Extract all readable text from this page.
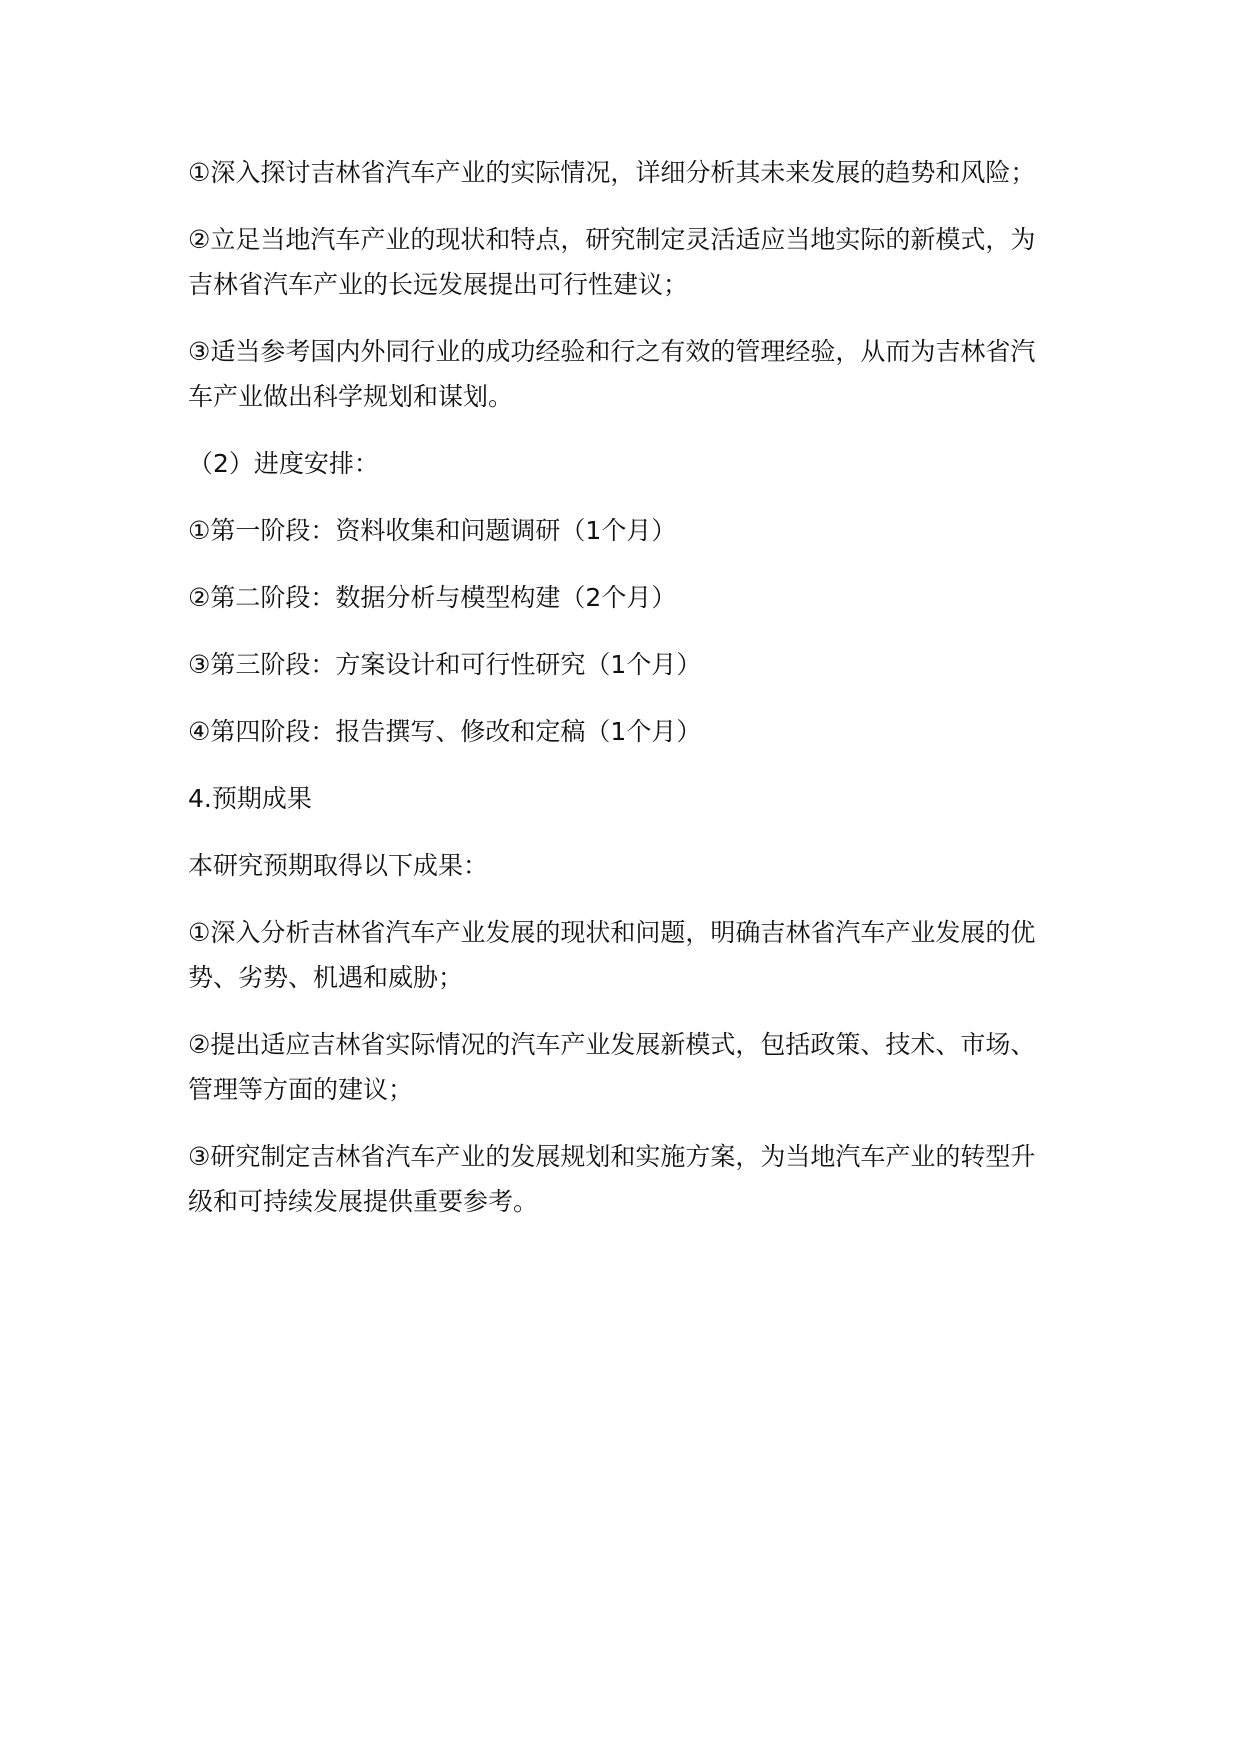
①深入探讨吉林省汽车产业的实际情况，详细分析其未来发展的趋势和风险；

②立足当地汽车产业的现状和特点，研究制定灵活适应当地实际的新模式，为吉林省汽车产业的长远发展提出可行性建议；

③适当参考国内外同行业的成功经验和行之有效的管理经验，从而为吉林省汽车产业做出科学规划和谋划。

（2）进度安排：

①第一阶段：资料收集和问题调研（1个月）

②第二阶段：数据分析与模型构建（2个月）

③第三阶段：方案设计和可行性研究（1个月）

④第四阶段：报告撰写、修改和定稿（1个月）

4.预期成果

本研究预期取得以下成果：

①深入分析吉林省汽车产业发展的现状和问题，明确吉林省汽车产业发展的优势、劣势、机遇和威胁；

②提出适应吉林省实际情况的汽车产业发展新模式，包括政策、技术、市场、管理等方面的建议；

③研究制定吉林省汽车产业的发展规划和实施方案，为当地汽车产业的转型升级和可持续发展提供重要参考。
